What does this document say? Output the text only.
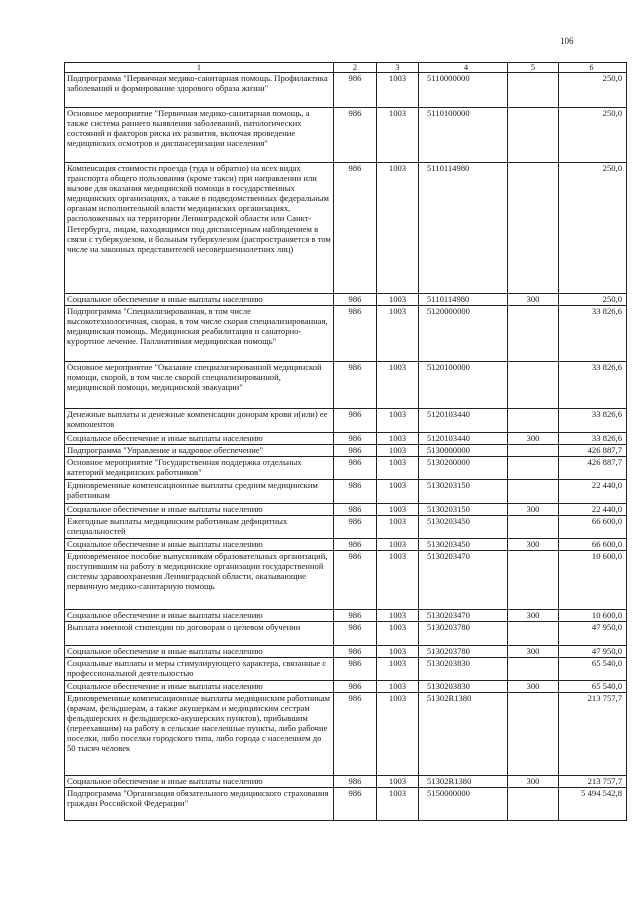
106
1	2	3	4	5	6
Подпрограмма "Первичная медико-санитарная помощь. Профилактика заболеваний и формирование здорового образа жизни"	986	1003	5110000000		250,0
Основное мероприятие "Первичная медико-санитарная помощь, а также система раннего выявления заболеваний, патологических состояний и факторов риска их развития, включая проведение медицинских осмотров и диспансеризации населения"	986	1003	5110100000		250,0
Компенсация стоимости проезда (туда и обратно) на всех видах транспорта общего пользования (кроме такси) при направлении или вызове для оказания медицинской помощи в государственных медицинских организациях, а также в подведомственных федеральным органам исполнительной власти медицинских организациях, расположенных на территории Ленинградской области или Санкт-Петербурга, лицам, находящимся под диспансерным наблюдением в связи с туберкулезом, и больным туберкулезом (распространяется в том числе на законных представителей несовершеннолетних лиц)	986	1003	5110114980		250,0
Социальное обеспечение и иные выплаты населению	986	1003	5110114980	300	250,0
Подпрограмма "Специализированная, в том числе высокотехнологичная, скорая, в том числе скорая специализированная, медицинская помощь. Медицинская реабилитация и санаторно-курортное лечение. Паллиативная медицинская помощь"	986	1003	5120000000		33 826,6
Основное мероприятие "Оказание специализированной медицинской помощи, скорой, в том числе скорой специализированной, медицинской помощи, медицинской эвакуации"	986	1003	5120100000		33 826,6
Денежные выплаты и денежные компенсации донорам крови и(или) ее компонентов	986	1003	5120103440		33 826,6
Социальное обеспечение и иные выплаты населению	986	1003	5120103440	300	33 826,6
Подпрограмма "Управление и кадровое обеспечение"	986	1003	5130000000		426 887,7
Основное мероприятие "Государственная поддержка отдельных категорий медицинских работников"	986	1003	5130200000		426 887,7
Единовременные компенсационные выплаты средним медицинским работникам	986	1003	5130203150		22 440,0
Социальное обеспечение и иные выплаты населению	986	1003	5130203150	300	22 440,0
Ежегодные выплаты медицинским работникам дефицитных специальностей	986	1003	5130203450		66 600,0
Социальное обеспечение и иные выплаты населению	986	1003	5130203450	300	66 600,0
Единовременное пособие выпускникам образовательных организаций, поступившим на работу в медицинские организации государственной системы здравоохранения Ленинградской области, оказывающие первичную медико-санитарную помощь	986	1003	5130203470		10 600,0
Социальное обеспечение и иные выплаты населению	986	1003	5130203470	300	10 600,0
Выплата именной стипендии по договорам о целевом обучении	986	1003	5130203780		47 950,0
Социальное обеспечение и иные выплаты населению	986	1003	5130203780	300	47 950,0
Социальные выплаты и меры стимулирующего характера, связанные с профессиональной деятельностью	986	1003	5130203830		65 540,0
Социальное обеспечение и иные выплаты населению	986	1003	5130203830	300	65 540,0
Единовременные компенсационные выплаты медицинским работникам (врачам, фельдшерам, а также акушеркам и медицинским сестрам фельдшерских и фельдшерско-акушерских пунктов), прибывшим (переехавшим) на работу в сельские населенные пункты, либо рабочие поселки, либо поселки городского типа, либо города с населением до 50 тысяч человек	986	1003	51302R1380		213 757,7
Социальное обеспечение и иные выплаты населению	986	1003	51302R1380	300	213 757,7
Подпрограмма "Организация обязательного медицинского страхования граждан Российской Федерации"	986	1003	5150000000		5 494 542,8
